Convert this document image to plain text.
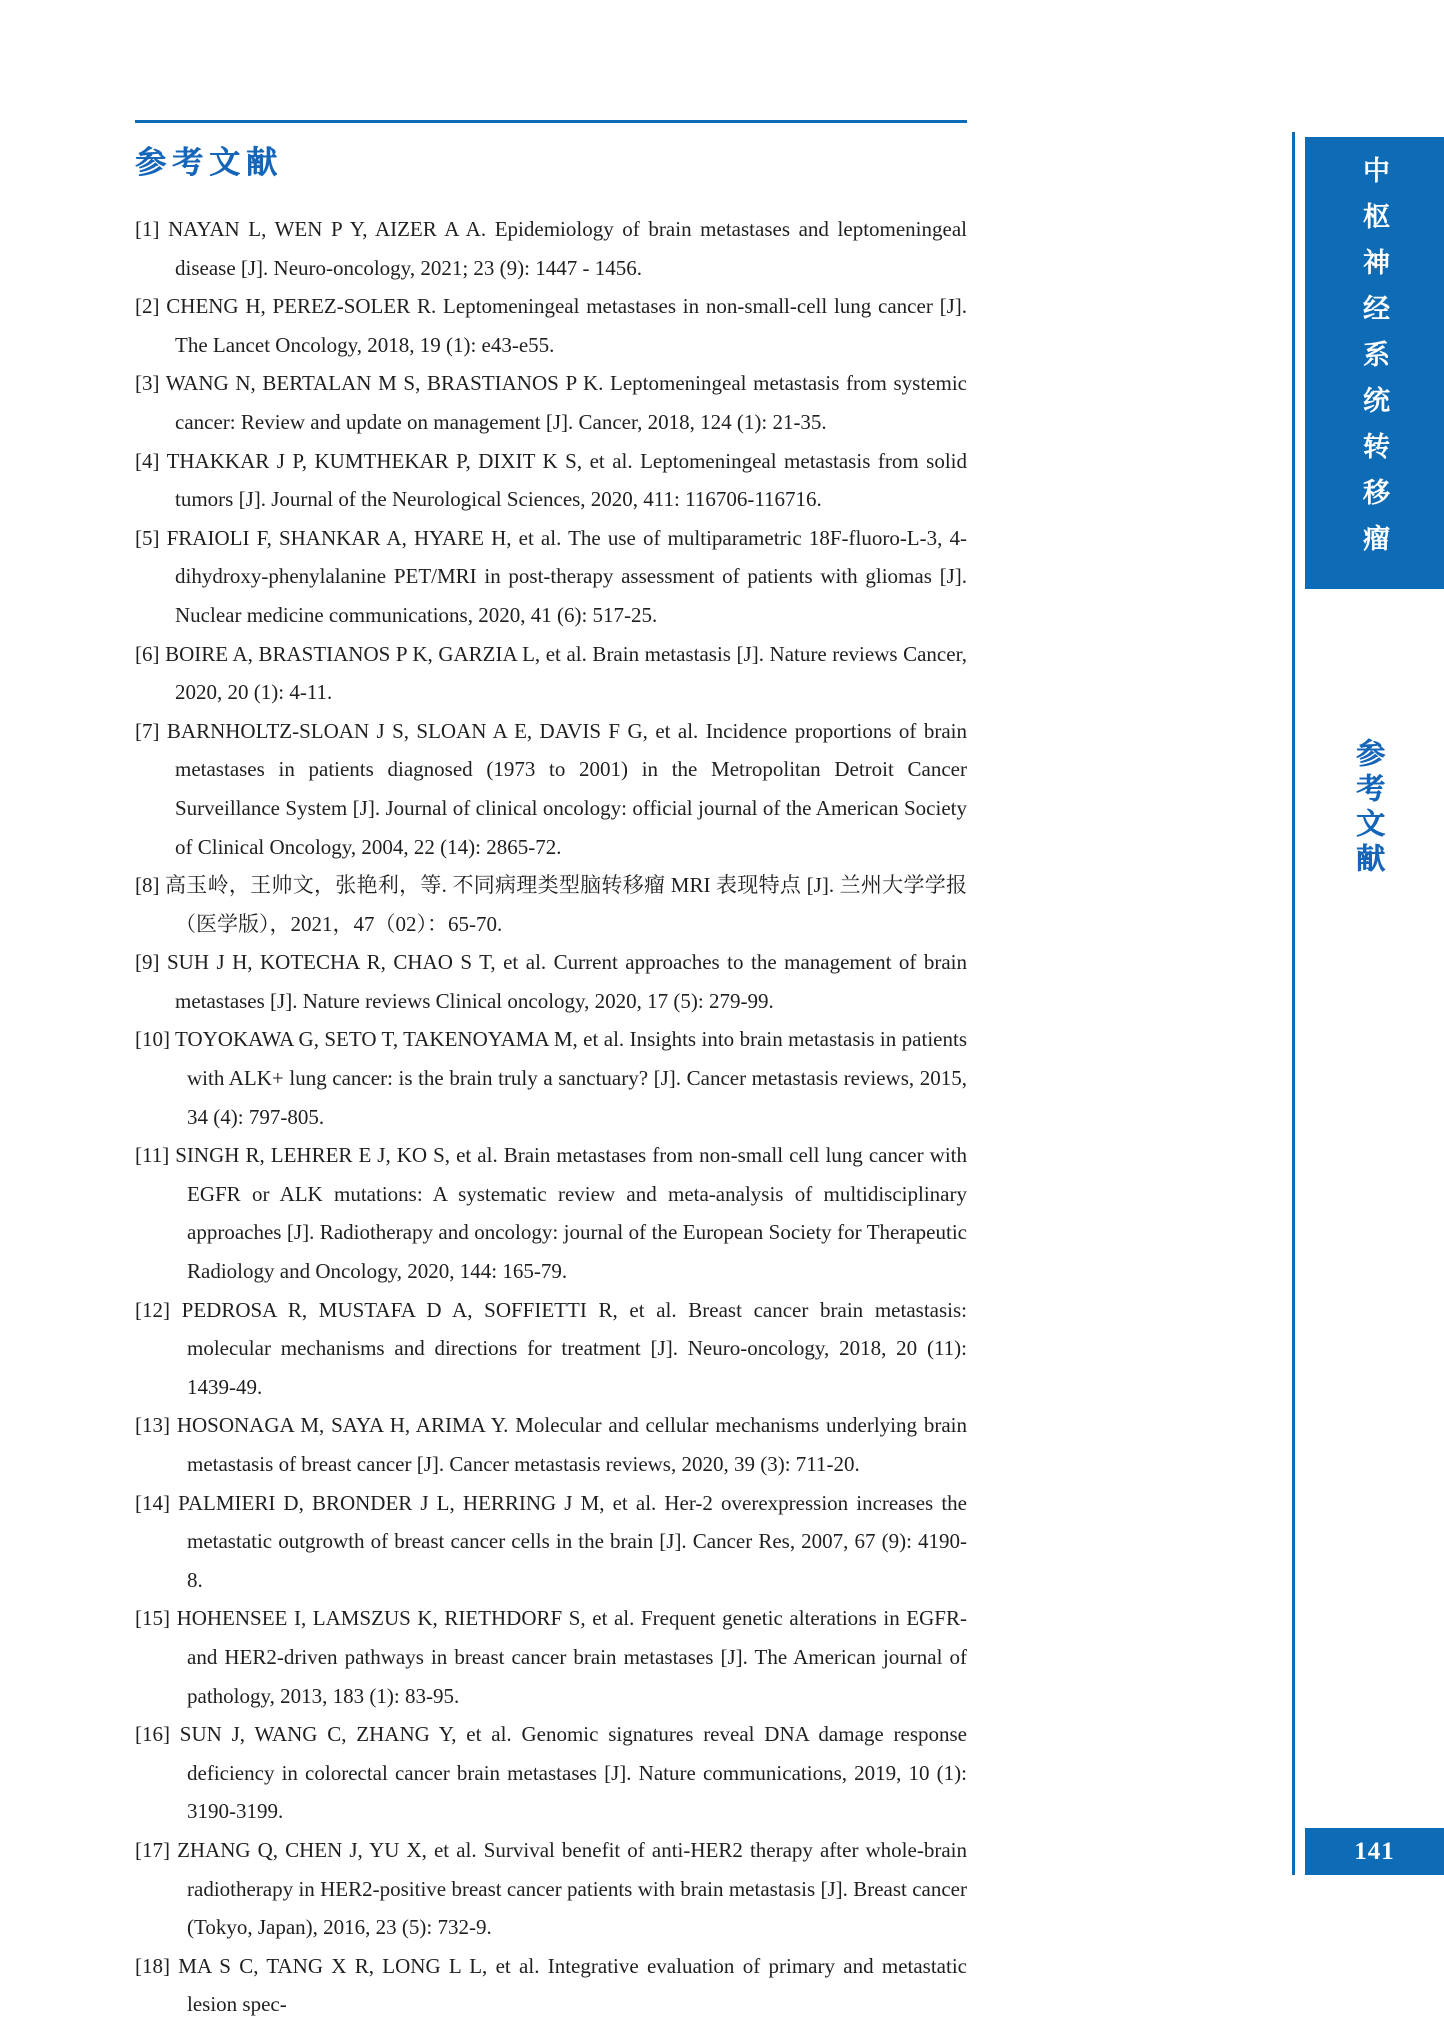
参考文献

[1] NAYAN L, WEN P Y, AIZER A A. Epidemiology of brain metastases and leptomeningeal disease [J]. Neuro-oncology, 2021; 23 (9): 1447 - 1456.

[2] CHENG H, PEREZ-SOLER R. Leptomeningeal metastases in non-small-cell lung cancer [J]. The Lancet Oncology, 2018, 19 (1): e43-e55.

[3] WANG N, BERTALAN M S, BRASTIANOS P K. Leptomeningeal metastasis from systemic cancer: Review and update on management [J]. Cancer, 2018, 124 (1): 21-35.

[4] THAKKAR J P, KUMTHEKAR P, DIXIT K S, et al. Leptomeningeal metastasis from solid tumors [J]. Journal of the Neurological Sciences, 2020, 411: 116706-116716.

[5] FRAIOLI F, SHANKAR A, HYARE H, et al. The use of multiparametric 18F-fluoro-L-3, 4-dihydroxy-phenylalanine PET/MRI in post-therapy assessment of patients with gliomas [J]. Nuclear medicine communications, 2020, 41 (6): 517-25.

[6] BOIRE A, BRASTIANOS P K, GARZIA L, et al. Brain metastasis [J]. Nature reviews Cancer, 2020, 20 (1): 4-11.

[7] BARNHOLTZ-SLOAN J S, SLOAN A E, DAVIS F G, et al. Incidence proportions of brain metastases in patients diagnosed (1973 to 2001) in the Metropolitan Detroit Cancer Surveillance System [J]. Journal of clinical oncology: official journal of the American Society of Clinical Oncology, 2004, 22 (14): 2865-72.

[8] 高玉岭，王帅文，张艳利，等. 不同病理类型脑转移瘤 MRI 表现特点 [J]. 兰州大学学报（医学版），2021，47（02）：65-70.

[9] SUH J H, KOTECHA R, CHAO S T, et al. Current approaches to the management of brain metastases [J]. Nature reviews Clinical oncology, 2020, 17 (5): 279-99.

[10] TOYOKAWA G, SETO T, TAKENOYAMA M, et al. Insights into brain metastasis in patients with ALK+ lung cancer: is the brain truly a sanctuary? [J]. Cancer metastasis reviews, 2015, 34 (4): 797-805.

[11] SINGH R, LEHRER E J, KO S, et al. Brain metastases from non-small cell lung cancer with EGFR or ALK mutations: A systematic review and meta-analysis of multidisciplinary approaches [J]. Radiotherapy and oncology: journal of the European Society for Therapeutic Radiology and Oncology, 2020, 144: 165-79.

[12] PEDROSA R, MUSTAFA D A, SOFFIETTI R, et al. Breast cancer brain metastasis: molecular mechanisms and directions for treatment [J]. Neuro-oncology, 2018, 20 (11): 1439-49.

[13] HOSONAGA M, SAYA H, ARIMA Y. Molecular and cellular mechanisms underlying brain metastasis of breast cancer [J]. Cancer metastasis reviews, 2020, 39 (3): 711-20.

[14] PALMIERI D, BRONDER J L, HERRING J M, et al. Her-2 overexpression increases the metastatic outgrowth of breast cancer cells in the brain [J]. Cancer Res, 2007, 67 (9): 4190-8.

[15] HOHENSEE I, LAMSZUS K, RIETHDORF S, et al. Frequent genetic alterations in EGFR- and HER2-driven pathways in breast cancer brain metastases [J]. The American journal of pathology, 2013, 183 (1): 83-95.

[16] SUN J, WANG C, ZHANG Y, et al. Genomic signatures reveal DNA damage response deficiency in colorectal cancer brain metastases [J]. Nature communications, 2019, 10 (1): 3190-3199.

[17] ZHANG Q, CHEN J, YU X, et al. Survival benefit of anti-HER2 therapy after whole-brain radiotherapy in HER2-positive breast cancer patients with brain metastasis [J]. Breast cancer (Tokyo, Japan), 2016, 23 (5): 732-9.

[18] MA S C, TANG X R, LONG L L, et al. Integrative evaluation of primary and metastatic lesion spec-

中枢神经系统转移瘤
参考文献
141
